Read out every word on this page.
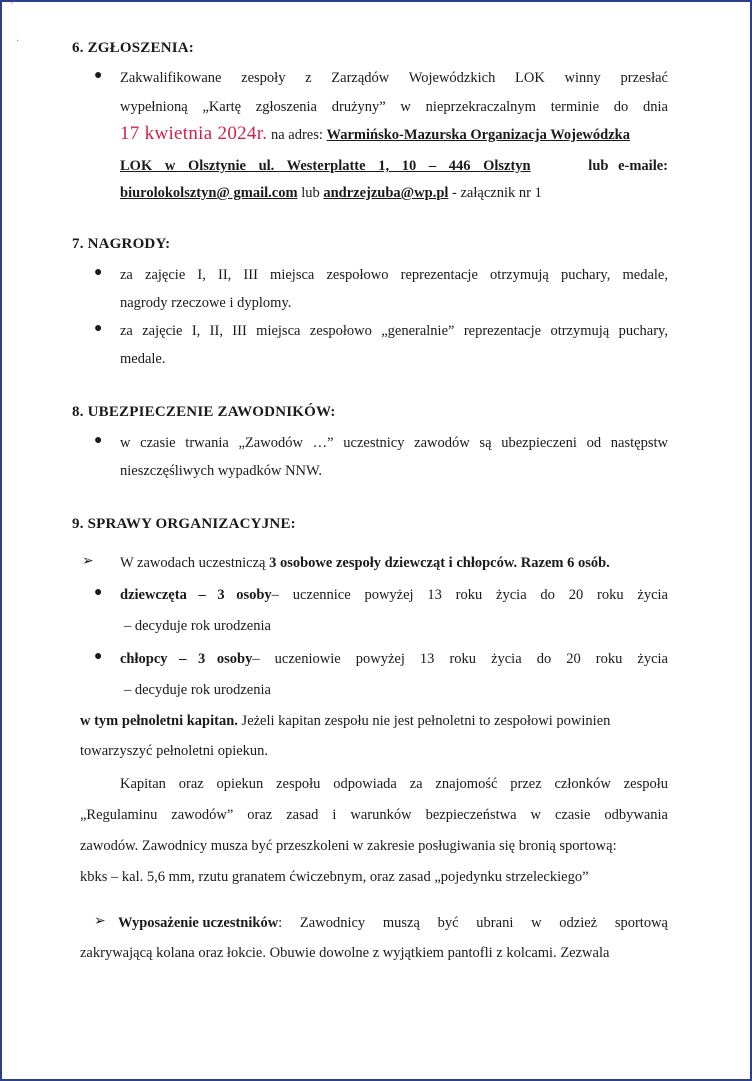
`
·	6. ZGŁOSZENIA:
● Zakwalifikowane zespoły z Zarządów Wojewódzkich LOK winny przesłać
wypełnioną „Kartę zgłoszenia drużyny” w nieprzekraczalnym terminie do dnia
17 kwietnia 2024r. na adres: Warmińsko-Mazurska Organizacja Wojewódzka
LOK w Olsztynie ul. Westerplatte 1, 10 – 446 Olsztyn	lub e-maile:
biurolokolsztyn@ gmail.com lub andrzejzuba@wp.pl - załącznik nr 1
7. NAGRODY:
● za zajęcie I, II, III miejsca zespołowo reprezentacje otrzymują puchary, medale,
nagrody rzeczowe i dyplomy.
● za zajęcie I, II, III miejsca zespołowo „generalnie” reprezentacje otrzymują puchary,
medale.
8. UBEZPIECZENIE ZAWODNIKÓW:
● w czasie trwania „Zawodów …” uczestnicy zawodów są ubezpieczeni od następstw
nieszczęśliwych wypadków NNW.
9. SPRAWY ORGANIZACYJNE:
➢ W zawodach uczestniczą 3 osobowe zespoły dziewcząt i chłopców. Razem 6 osób.
● dziewczęta – 3 osoby – uczennice powyżej 13 roku życia do 20 roku życia
– decyduje rok urodzenia
● chłopcy – 3 osoby – uczeniowie powyżej 13 roku życia do 20 roku życia
– decyduje rok urodzenia
w tym pełnoletni kapitan. Jeżeli kapitan zespołu nie jest pełnoletni to zespołowi powinien
towarzyszyć pełnoletni opiekun.
Kapitan oraz opiekun zespołu odpowiada za znajomość przez członków zespołu
„Regulaminu zawodów” oraz zasad i warunków bezpieczeństwa w czasie odbywania
zawodów. Zawodnicy musza być przeszkoleni w zakresie posługiwania się bronią sportową:
kbks – kal. 5,6 mm, rzutu granatem ćwiczebnym, oraz zasad „pojedynku strzeleckiego”
➢ Wyposażenie uczestników : Zawodnicy muszą być ubrani w odzież sportową
zakrywającą kolana oraz łokcie. Obuwie dowolne z wyjątkiem pantofli z kolcami. Zezwala
